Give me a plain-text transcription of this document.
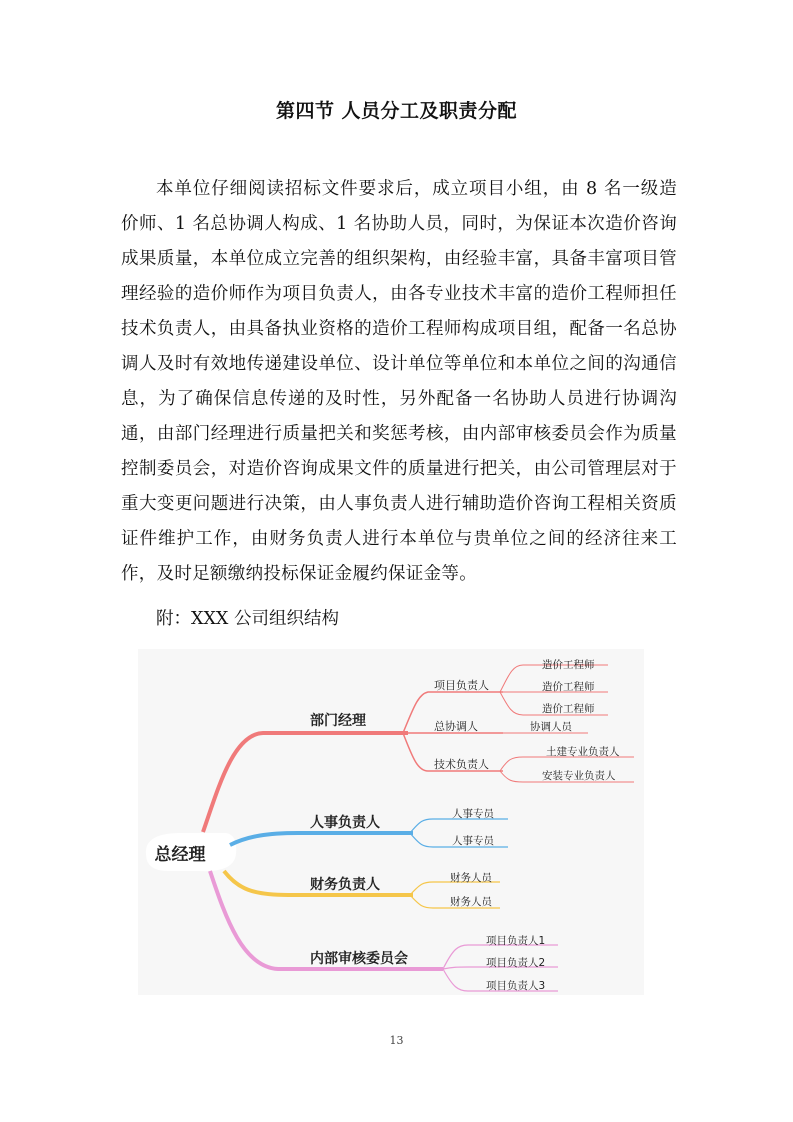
第四节 人员分工及职责分配

本单位仔细阅读招标文件要求后，成立项目小组，由 8 名一级造价师、1 名总协调人构成、1 名协助人员，同时，为保证本次造价咨询成果质量，本单位成立完善的组织架构，由经验丰富，具备丰富项目管理经验的造价师作为项目负责人，由各专业技术丰富的造价工程师担任技术负责人，由具备执业资格的造价工程师构成项目组，配备一名总协调人及时有效地传递建设单位、设计单位等单位和本单位之间的沟通信息，为了确保信息传递的及时性，另外配备一名协助人员进行协调沟通，由部门经理进行质量把关和奖惩考核，由内部审核委员会作为质量控制委员会，对造价咨询成果文件的质量进行把关，由公司管理层对于重大变更问题进行决策，由人事负责人进行辅助造价咨询工程相关资质证件维护工作，由财务负责人进行本单位与贵单位之间的经济往来工作，及时足额缴纳投标保证金履约保证金等。

附：XXX 公司组织结构

总经理
部门经理
项目负责人
总协调人
技术负责人
造价工程师
造价工程师
造价工程师
协调人员
土建专业负责人
安装专业负责人
人事负责人
人事专员
人事专员
财务负责人	财务人员
财务人员
内部审核委员会
项目负责人1
项目负责人2
项目负责人3
13
